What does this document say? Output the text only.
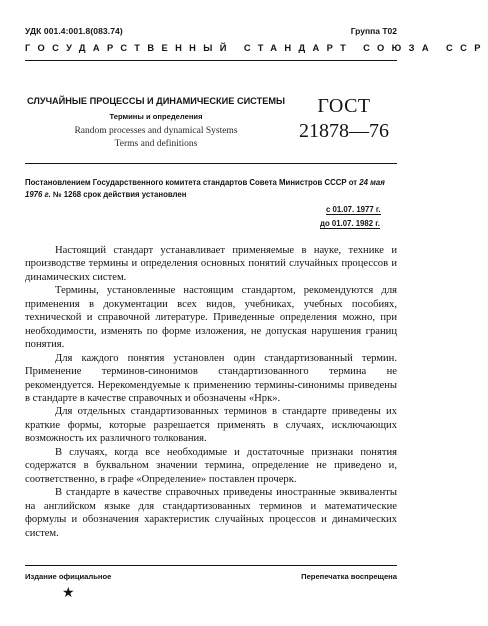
УДК 001.4:001.8(083.74)	Группа Т02
ГОСУДАРСТВЕННЫЙ СТАНДАРТ СОЮЗА ССР
СЛУЧАЙНЫЕ ПРОЦЕССЫ И ДИНАМИЧЕСКИЕ СИСТЕМЫ
Термины и определения
Random processes and dynamical Systems
Terms and definitions
ГОСТ
21878—76
Постановлением Государственного комитета стандартов Совета Министров СССР от 24 мая 1976 г. № 1268 срок действия установлен
с 01.07. 1977 г.
до 01.07. 1982 г.

Настоящий стандарт устанавливает применяемые в науке, технике и производстве термины и определения основных понятий случайных процессов и динамических систем.

Термины, установленные настоящим стандартом, рекомендуются для применения в документации всех видов, учебниках, учебных пособиях, технической и справочной литературе. Приведенные определения можно, при необходимости, изменять по форме изложения, не допуская нарушения границ понятия.

Для каждого понятия установлен один стандартизованный термин. Применение терминов-синонимов стандартизованного термина не рекомендуется. Нерекомендуемые к применению термины-синонимы приведены в стандарте в качестве справочных и обозначены «Нрк».

Для отдельных стандартизованных терминов в стандарте приведены их краткие формы, которые разрешается применять в случаях, исключающих возможность их различного толкования.

В случаях, когда все необходимые и достаточные признаки понятия содержатся в буквальном значении термина, определение не приведено и, соответственно, в графе «Определение» поставлен прочерк.

В стандарте в качестве справочных приведены иностранные эквиваленты на английском языке для стандартизованных терминов и математические формулы и обозначения характеристик случайных процессов и динамических систем.

Издание официальное	Перепечатка воспрещена
★
